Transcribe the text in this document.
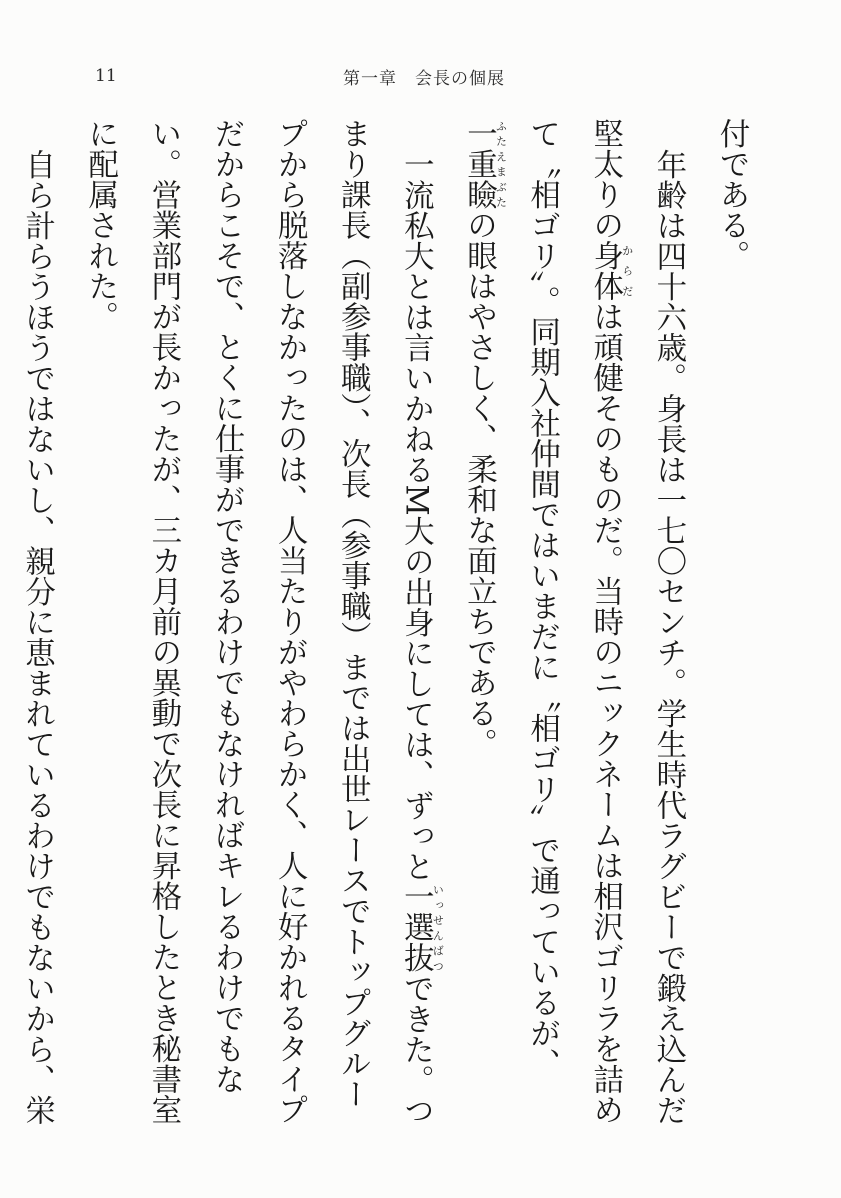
11	第一章　会長の個展

付である。

年齢は四十六歳。身長は一七〇センチ。学生時代ラグビーで鍛え込んだ堅太りの身体からだは頑健そのものだ。当時のニックネームは相沢ゴリラを詰めて〝相ゴリ〟。同期入社仲間ではいまだに〝相ゴリ〟で通っているが、一重瞼ふたえまぶたの眼はやさしく、柔和な面立ちである。

一流私大とは言いかねるM大の出身にしては、ずっと一選抜いっせんばつできた。つまり課長（副参事職）、次長（参事職）までは出世レースでトップグループから脱落しなかったのは、人当たりがやわらかく、人に好かれるタイプだからこそで、とくに仕事ができるわけでもなければキレるわけでもない。営業部門が長かったが、三カ月前の異動で次長に昇格したとき秘書室に配属された。

自ら計らうほうではないし、親分に恵まれているわけでもないから、栄
